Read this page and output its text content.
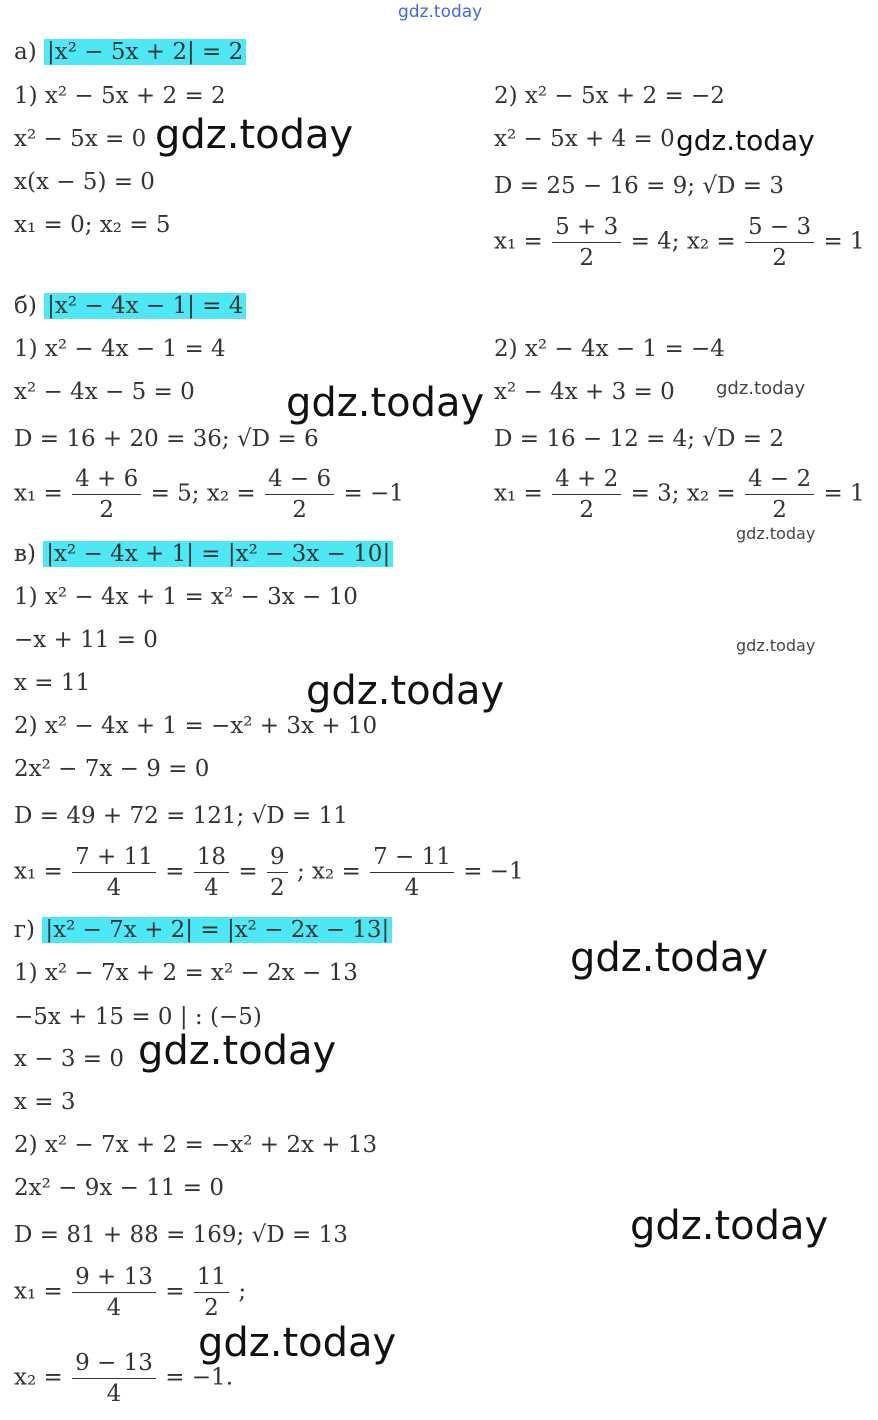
gdz.today
а) |x² − 5x + 2| = 2
1) x² − 5x + 2 = 2
x² − 5x = 0
x(x − 5) = 0
x₁ = 0; x₂ = 5
2) x² − 5x + 2 = −2
x² − 5x + 4 = 0
D = 25 − 16 = 9; √D = 3
$x_1 = \frac{5 + 3}{2} = 4$; $x_2 = \frac{5 - 3}{2} = 1$
б) |x² − 4x − 1| = 4
1) x² − 4x − 1 = 4
x² − 4x − 5 = 0
D = 16 + 20 = 36; √D = 6
$x_1 = \frac{4 + 6}{2} = 5$; $x_2 = \frac{4 - 6}{2} = -1$
2) x² − 4x − 1 = −4
x² − 4x + 3 = 0
D = 16 − 12 = 4; √D = 2
$x_1 = \frac{4 + 2}{2} = 3$; $x_2 = \frac{4 - 2}{2} = 1$
в) |x² − 4x + 1| = |x² − 3x − 10|
1) x² − 4x + 1 = x² − 3x − 10
−x + 11 = 0
x = 11
2) x² − 4x + 1 = −x² + 3x + 10
2x² − 7x − 9 = 0
D = 49 + 72 = 121; √D = 11
$x_1 = \frac{7 + 11}{4} = \frac{18}{4} = \frac{9}{2}$ ; $x_2 = \frac{7 - 11}{4} = -1$
г) |x² − 7x + 2| = |x² − 2x − 13|
1) x² − 7x + 2 = x² − 2x − 13
−5x + 15 = 0 | : (−5)
x − 3 = 0
x = 3
2) x² − 7x + 2 = −x² + 2x + 13
2x² − 9x − 11 = 0
D = 81 + 88 = 169; √D = 13
$x_1 = \frac{9 + 13}{4} = \frac{11}{2}$ ;
$x_2 = \frac{9 - 13}{4} = -1$.
gdz.today	gdz.today
gdz.today	gdz.today
gdz.today
gdz.today
gdz.today
gdz.today
gdz.today
gdz.today
gdz.today
